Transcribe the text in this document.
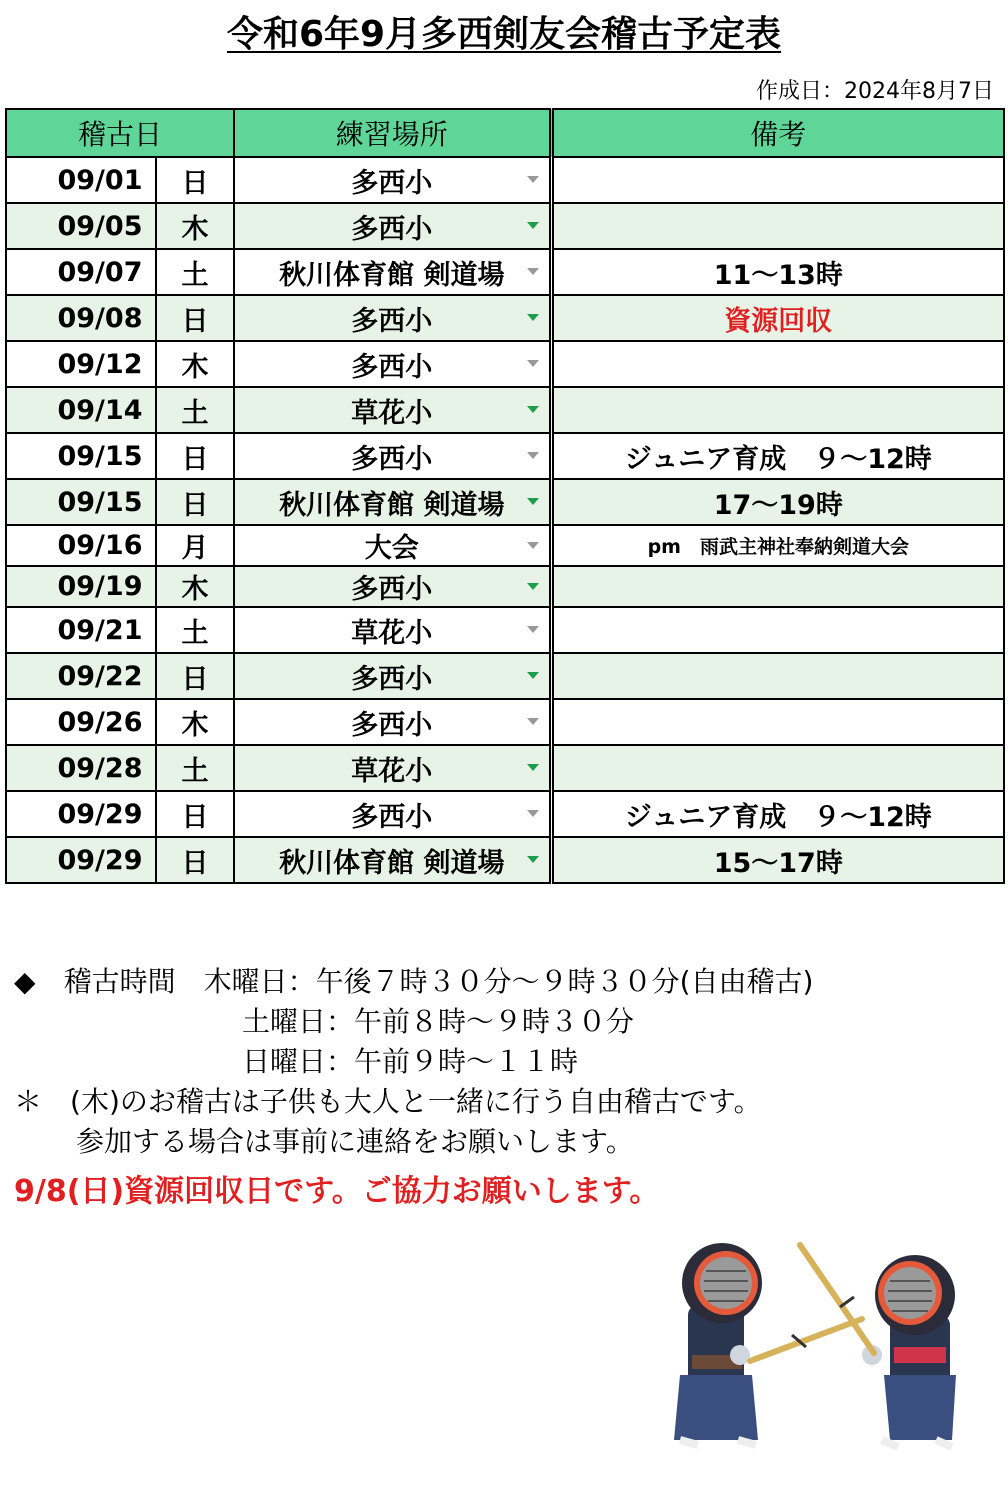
令和6年9月多西剣友会稽古予定表
作成日：2024年8月7日
稽古日		練習場所	備考
09/01	日	多西小	

09/05	木	多西小	

09/07	土	秋川体育館 剣道場	11〜13時
09/08	日	多西小	資源回収
09/12	木	多西小	

09/14	土	草花小	

09/15	日	多西小	ジュニア育成　９〜12時
09/15	日	秋川体育館 剣道場	17〜19時
09/16	月	大会	pm　雨武主神社奉納剣道大会
09/19	木	多西小	

09/21	土	草花小	

09/22	日	多西小	

09/26	木	多西小	

09/28	土	草花小	

09/29	日	多西小	ジュニア育成　９〜12時
09/29	日	秋川体育館 剣道場	15〜17時
◆　 稽古時間　 木曜日：午後７時３０分〜９時３０分(自由稽古)
土曜日：午前８時〜９時３０分
日曜日：午前９時〜１１時
＊　 (木)のお稽古は子供も大人と一緒に行う自由稽古です。
参加する場合は事前に連絡をお願いします。
9/8(日)資源回収日です。ご協力お願いします。
